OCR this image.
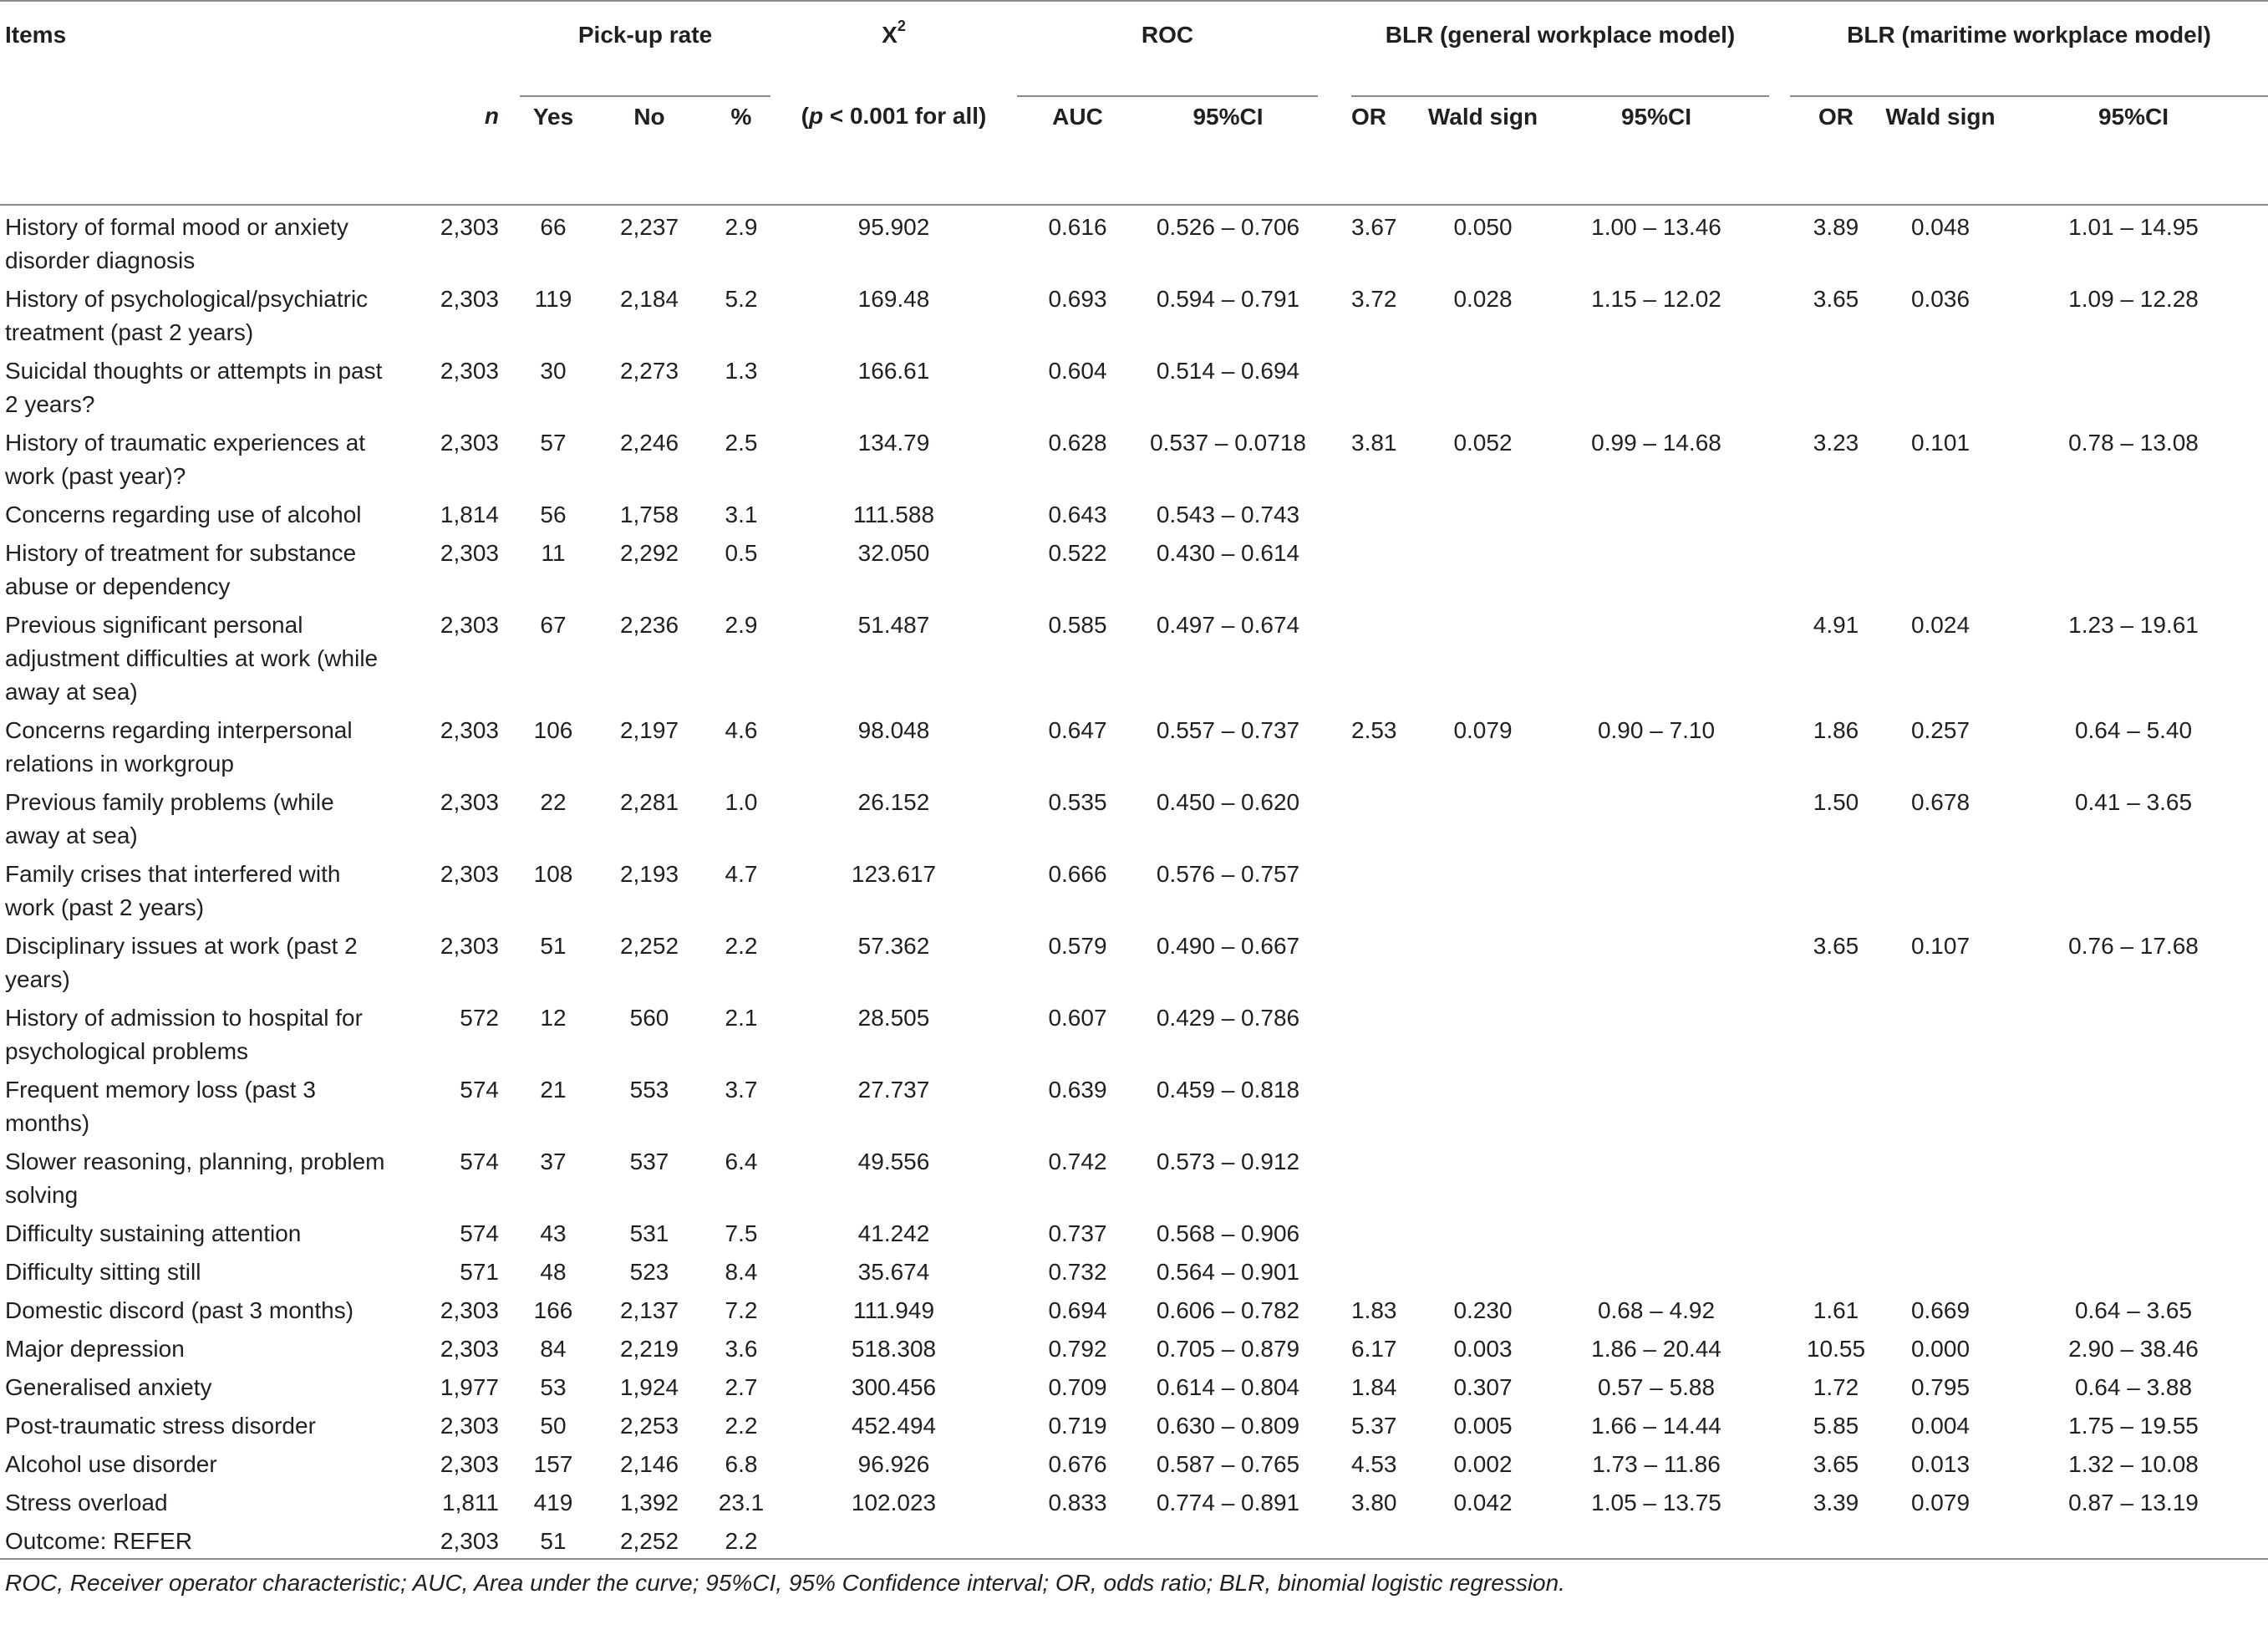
Items			Pick-up rate				$X^2$		ROC			BLR (general workplace model)				BLR (maritime workplace model)			
	n		Yes	No	%		(p < 0.001 for all)		AUC	95%CI		OR	Wald sign	95%CI		OR	Wald sign	95%CI	

History of formal mood or anxiety disorder diagnosis	2,303		66	2,237	2.9		95.902		0.616	0.526 – 0.706		3.67	0.050	1.00 – 13.46		3.89	0.048	1.01 – 14.95	
History of psychological/psychiatric treatment (past 2 years)	2,303		119	2,184	5.2		169.48		0.693	0.594 – 0.791		3.72	0.028	1.15 – 12.02		3.65	0.036	1.09 – 12.28	
Suicidal thoughts or attempts in past 2 years?	2,303		30	2,273	1.3		166.61		0.604	0.514 – 0.694									
History of traumatic experiences at work (past year)?	2,303		57	2,246	2.5		134.79		0.628	0.537 – 0.0718		3.81	0.052	0.99 – 14.68		3.23	0.101	0.78 – 13.08	
Concerns regarding use of alcohol	1,814		56	1,758	3.1		111.588		0.643	0.543 – 0.743									
History of treatment for substance abuse or dependency	2,303		11	2,292	0.5		32.050		0.522	0.430 – 0.614									
Previous significant personal adjustment difficulties at work (while away at sea)	2,303		67	2,236	2.9		51.487		0.585	0.497 – 0.674						4.91	0.024	1.23 – 19.61	
Concerns regarding interpersonal relations in workgroup	2,303		106	2,197	4.6		98.048		0.647	0.557 – 0.737		2.53	0.079	0.90 – 7.10		1.86	0.257	0.64 – 5.40	
Previous family problems (while away at sea)	2,303		22	2,281	1.0		26.152		0.535	0.450 – 0.620						1.50	0.678	0.41 – 3.65	
Family crises that interfered with work (past 2 years)	2,303		108	2,193	4.7		123.617		0.666	0.576 – 0.757									
Disciplinary issues at work (past 2 years)	2,303		51	2,252	2.2		57.362		0.579	0.490 – 0.667						3.65	0.107	0.76 – 17.68	
History of admission to hospital for psychological problems	572		12	560	2.1		28.505		0.607	0.429 – 0.786									
Frequent memory loss (past 3 months)	574		21	553	3.7		27.737		0.639	0.459 – 0.818									
Slower reasoning, planning, problem solving	574		37	537	6.4		49.556		0.742	0.573 – 0.912									
Difficulty sustaining attention	574		43	531	7.5		41.242		0.737	0.568 – 0.906									
Difficulty sitting still	571		48	523	8.4		35.674		0.732	0.564 – 0.901									
Domestic discord (past 3 months)	2,303		166	2,137	7.2		111.949		0.694	0.606 – 0.782		1.83	0.230	0.68 – 4.92		1.61	0.669	0.64 – 3.65	
Major depression	2,303		84	2,219	3.6		518.308		0.792	0.705 – 0.879		6.17	0.003	1.86 – 20.44		10.55	0.000	2.90 – 38.46	
Generalised anxiety	1,977		53	1,924	2.7		300.456		0.709	0.614 – 0.804		1.84	0.307	0.57 – 5.88		1.72	0.795	0.64 – 3.88	
Post-traumatic stress disorder	2,303		50	2,253	2.2		452.494		0.719	0.630 – 0.809		5.37	0.005	1.66 – 14.44		5.85	0.004	1.75 – 19.55	
Alcohol use disorder	2,303		157	2,146	6.8		96.926		0.676	0.587 – 0.765		4.53	0.002	1.73 – 11.86		3.65	0.013	1.32 – 10.08	
Stress overload	1,811		419	1,392	23.1		102.023		0.833	0.774 – 0.891		3.80	0.042	1.05 – 13.75		3.39	0.079	0.87 – 13.19	
Outcome: REFER	2,303		51	2,252	2.2														
ROC, Receiver operator characteristic; AUC, Area under the curve; 95%CI, 95% Confidence interval; OR, odds ratio; BLR, binomial logistic regression.																			
